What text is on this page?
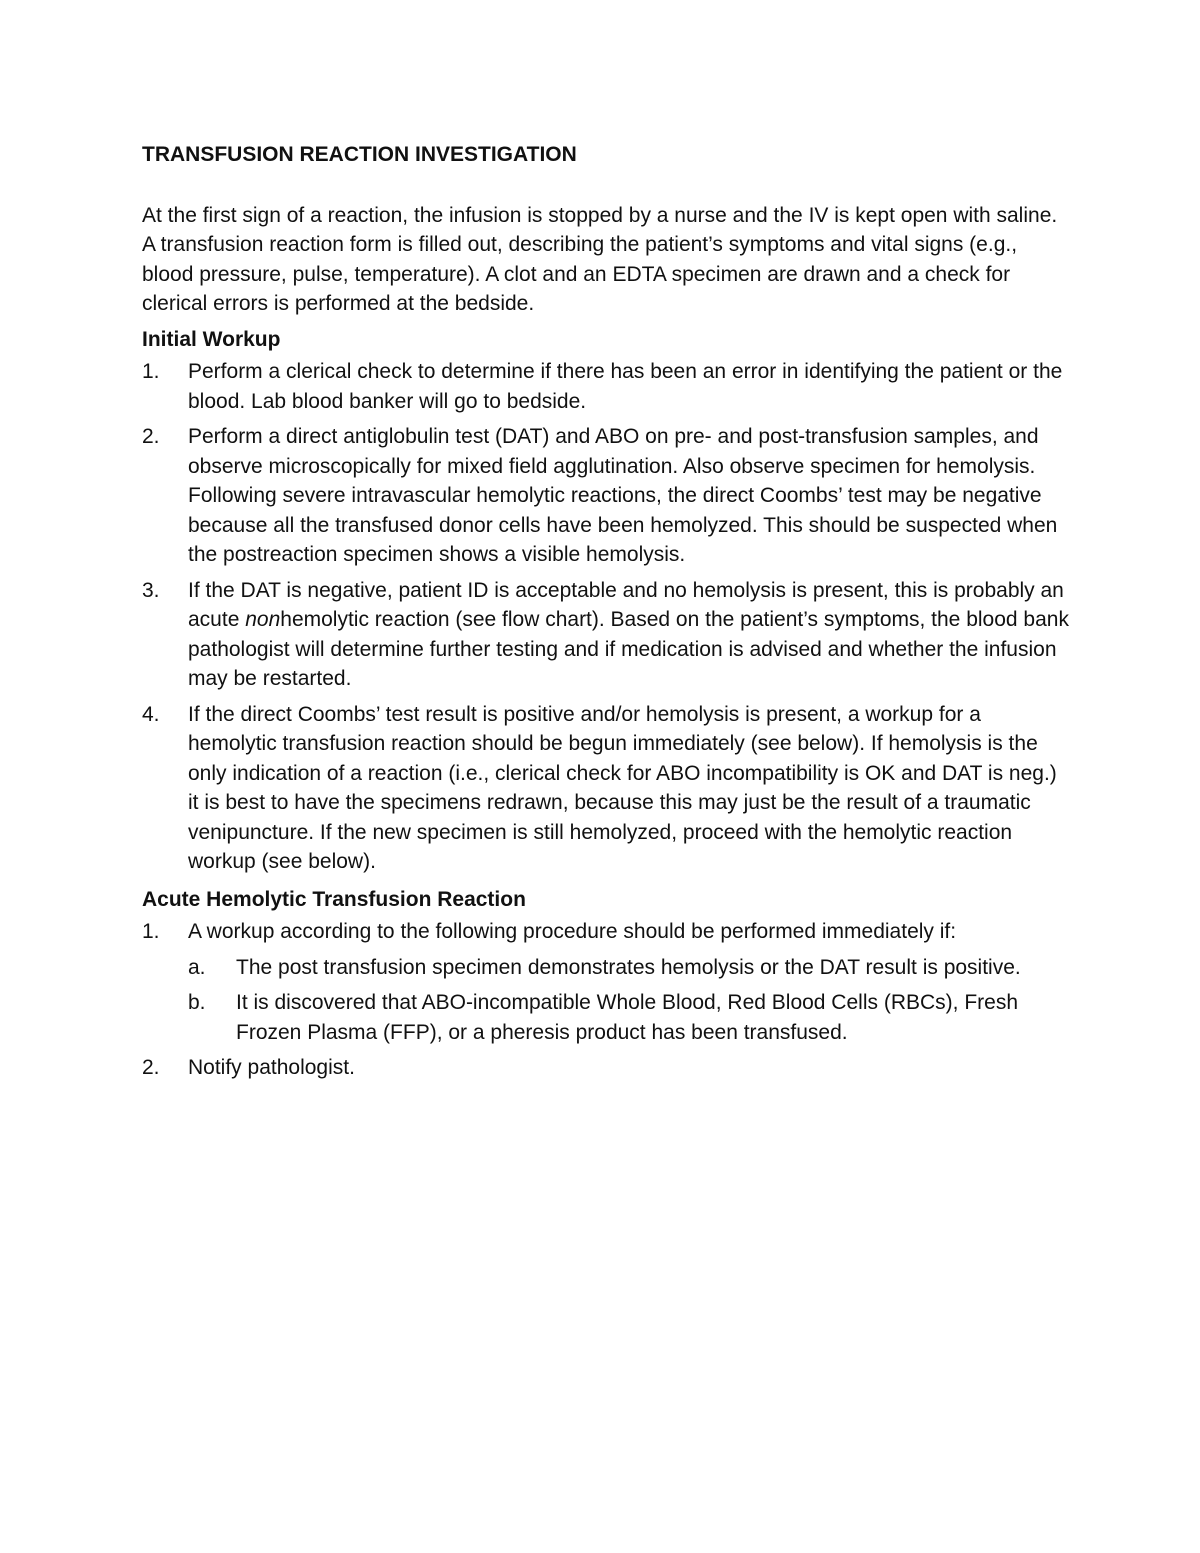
TRANSFUSION REACTION INVESTIGATION

At the first sign of a reaction, the infusion is stopped by a nurse and the IV is kept open with saline. A transfusion reaction form is filled out, describing the patient’s symptoms and vital signs (e.g., blood pressure, pulse, temperature). A clot and an EDTA specimen are drawn and a check for clerical errors is performed at the bedside.

Initial Workup
1. Perform a clerical check to determine if there has been an error in identifying the patient or the blood. Lab blood banker will go to bedside.
2. Perform a direct antiglobulin test (DAT) and ABO on pre- and post-transfusion samples, and observe microscopically for mixed field agglutination. Also observe specimen for hemolysis. Following severe intravascular hemolytic reactions, the direct Coombs’ test may be negative because all the transfused donor cells have been hemolyzed. This should be suspected when the postreaction specimen shows a visible hemolysis.
3. If the DAT is negative, patient ID is acceptable and no hemolysis is present, this is probably an acute nonhemolytic reaction (see flow chart). Based on the patient’s symptoms, the blood bank pathologist will determine further testing and if medication is advised and whether the infusion may be restarted.
4. If the direct Coombs’ test result is positive and/or hemolysis is present, a workup for a hemolytic transfusion reaction should be begun immediately (see below). If hemolysis is the only indication of a reaction (i.e., clerical check for ABO incompatibility is OK and DAT is neg.) it is best to have the specimens redrawn, because this may just be the result of a traumatic venipuncture. If the new specimen is still hemolyzed, proceed with the hemolytic reaction workup (see below).
Acute Hemolytic Transfusion Reaction
1. A workup according to the following procedure should be performed immediately if:
a. The post transfusion specimen demonstrates hemolysis or the DAT result is positive.
b. It is discovered that ABO-incompatible Whole Blood, Red Blood Cells (RBCs), Fresh Frozen Plasma (FFP), or a pheresis product has been transfused.
2. Notify pathologist.
